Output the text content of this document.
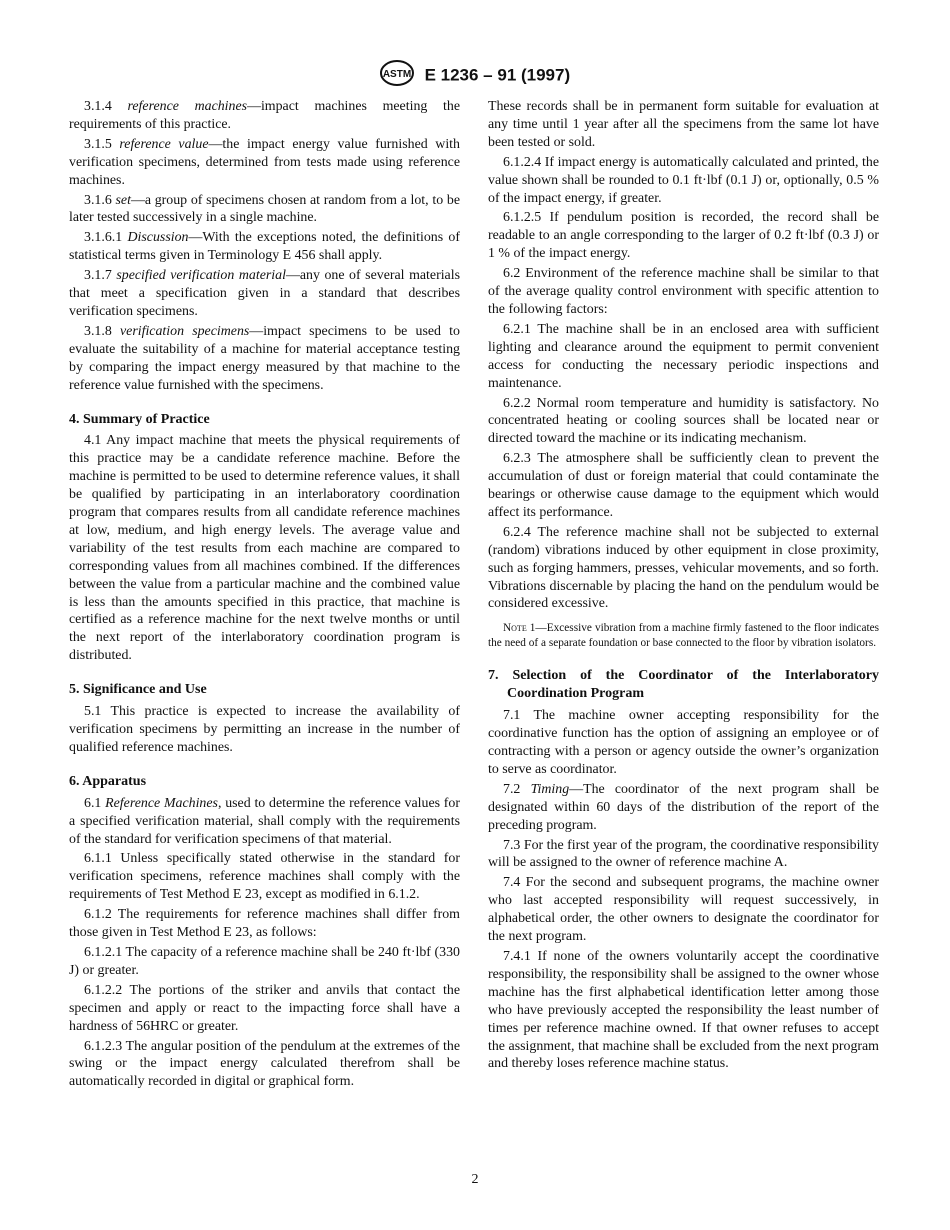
ASTM E 1236 – 91 (1997)

3.1.4 reference machines—impact machines meeting the requirements of this practice.

3.1.5 reference value—the impact energy value furnished with verification specimens, determined from tests made using reference machines.

3.1.6 set—a group of specimens chosen at random from a lot, to be later tested successively in a single machine.

3.1.6.1 Discussion—With the exceptions noted, the definitions of statistical terms given in Terminology E 456 shall apply.

3.1.7 specified verification material—any one of several materials that meet a specification given in a standard that describes verification specimens.

3.1.8 verification specimens—impact specimens to be used to evaluate the suitability of a machine for material acceptance testing by comparing the impact energy measured by that machine to the reference value furnished with the specimens.

4. Summary of Practice

4.1 Any impact machine that meets the physical requirements of this practice may be a candidate reference machine. Before the machine is permitted to be used to determine reference values, it shall be qualified by participating in an interlaboratory coordination program that compares results from all candidate reference machines at low, medium, and high energy levels. The average value and variability of the test results from each machine are compared to corresponding values from all machines combined. If the differences between the value from a particular machine and the combined value is less than the amounts specified in this practice, that machine is certified as a reference machine for the next twelve months or until the next report of the interlaboratory coordination program is distributed.

5. Significance and Use

5.1 This practice is expected to increase the availability of verification specimens by permitting an increase in the number of qualified reference machines.

6. Apparatus

6.1 Reference Machines, used to determine the reference values for a specified verification material, shall comply with the requirements of the standard for verification specimens of that material.

6.1.1 Unless specifically stated otherwise in the standard for verification specimens, reference machines shall comply with the requirements of Test Method E 23, except as modified in 6.1.2.

6.1.2 The requirements for reference machines shall differ from those given in Test Method E 23, as follows:

6.1.2.1 The capacity of a reference machine shall be 240 ft·lbf (330 J) or greater.

6.1.2.2 The portions of the striker and anvils that contact the specimen and apply or react to the impacting force shall have a hardness of 56HRC or greater.

6.1.2.3 The angular position of the pendulum at the extremes of the swing or the impact energy calculated therefrom shall be automatically recorded in digital or graphical form.

These records shall be in permanent form suitable for evaluation at any time until 1 year after all the specimens from the same lot have been tested or sold.

6.1.2.4 If impact energy is automatically calculated and printed, the value shown shall be rounded to 0.1 ft·lbf (0.1 J) or, optionally, 0.5 % of the impact energy, if greater.

6.1.2.5 If pendulum position is recorded, the record shall be readable to an angle corresponding to the larger of 0.2 ft·lbf (0.3 J) or 1 % of the impact energy.

6.2 Environment of the reference machine shall be similar to that of the average quality control environment with specific attention to the following factors:

6.2.1 The machine shall be in an enclosed area with sufficient lighting and clearance around the equipment to permit convenient access for conducting the necessary periodic inspections and maintenance.

6.2.2 Normal room temperature and humidity is satisfactory. No concentrated heating or cooling sources shall be located near or directed toward the machine or its indicating mechanism.

6.2.3 The atmosphere shall be sufficiently clean to prevent the accumulation of dust or foreign material that could contaminate the bearings or otherwise cause damage to the equipment which would affect its performance.

6.2.4 The reference machine shall not be subjected to external (random) vibrations induced by other equipment in close proximity, such as forging hammers, presses, vehicular movements, and so forth. Vibrations discernable by placing the hand on the pendulum would be considered excessive.

Note 1—Excessive vibration from a machine firmly fastened to the floor indicates the need of a separate foundation or base connected to the floor by vibration isolators.
7. Selection of the Coordinator of the Interlaboratory Coordination Program

7.1 The machine owner accepting responsibility for the coordinative function has the option of assigning an employee or of contracting with a person or agency outside the owner’s organization to serve as coordinator.

7.2 Timing—The coordinator of the next program shall be designated within 60 days of the distribution of the report of the preceding program.

7.3 For the first year of the program, the coordinative responsibility will be assigned to the owner of reference machine A.

7.4 For the second and subsequent programs, the machine owner who last accepted responsibility will request successively, in alphabetical order, the other owners to designate the coordinator for the next program.

7.4.1 If none of the owners voluntarily accept the coordinative responsibility, the responsibility shall be assigned to the owner whose machine has the first alphabetical identification letter among those who have previously accepted the responsibility the least number of times per reference machine owned. If that owner refuses to accept the assignment, that machine shall be excluded from the next program and thereby loses reference machine status.

2
